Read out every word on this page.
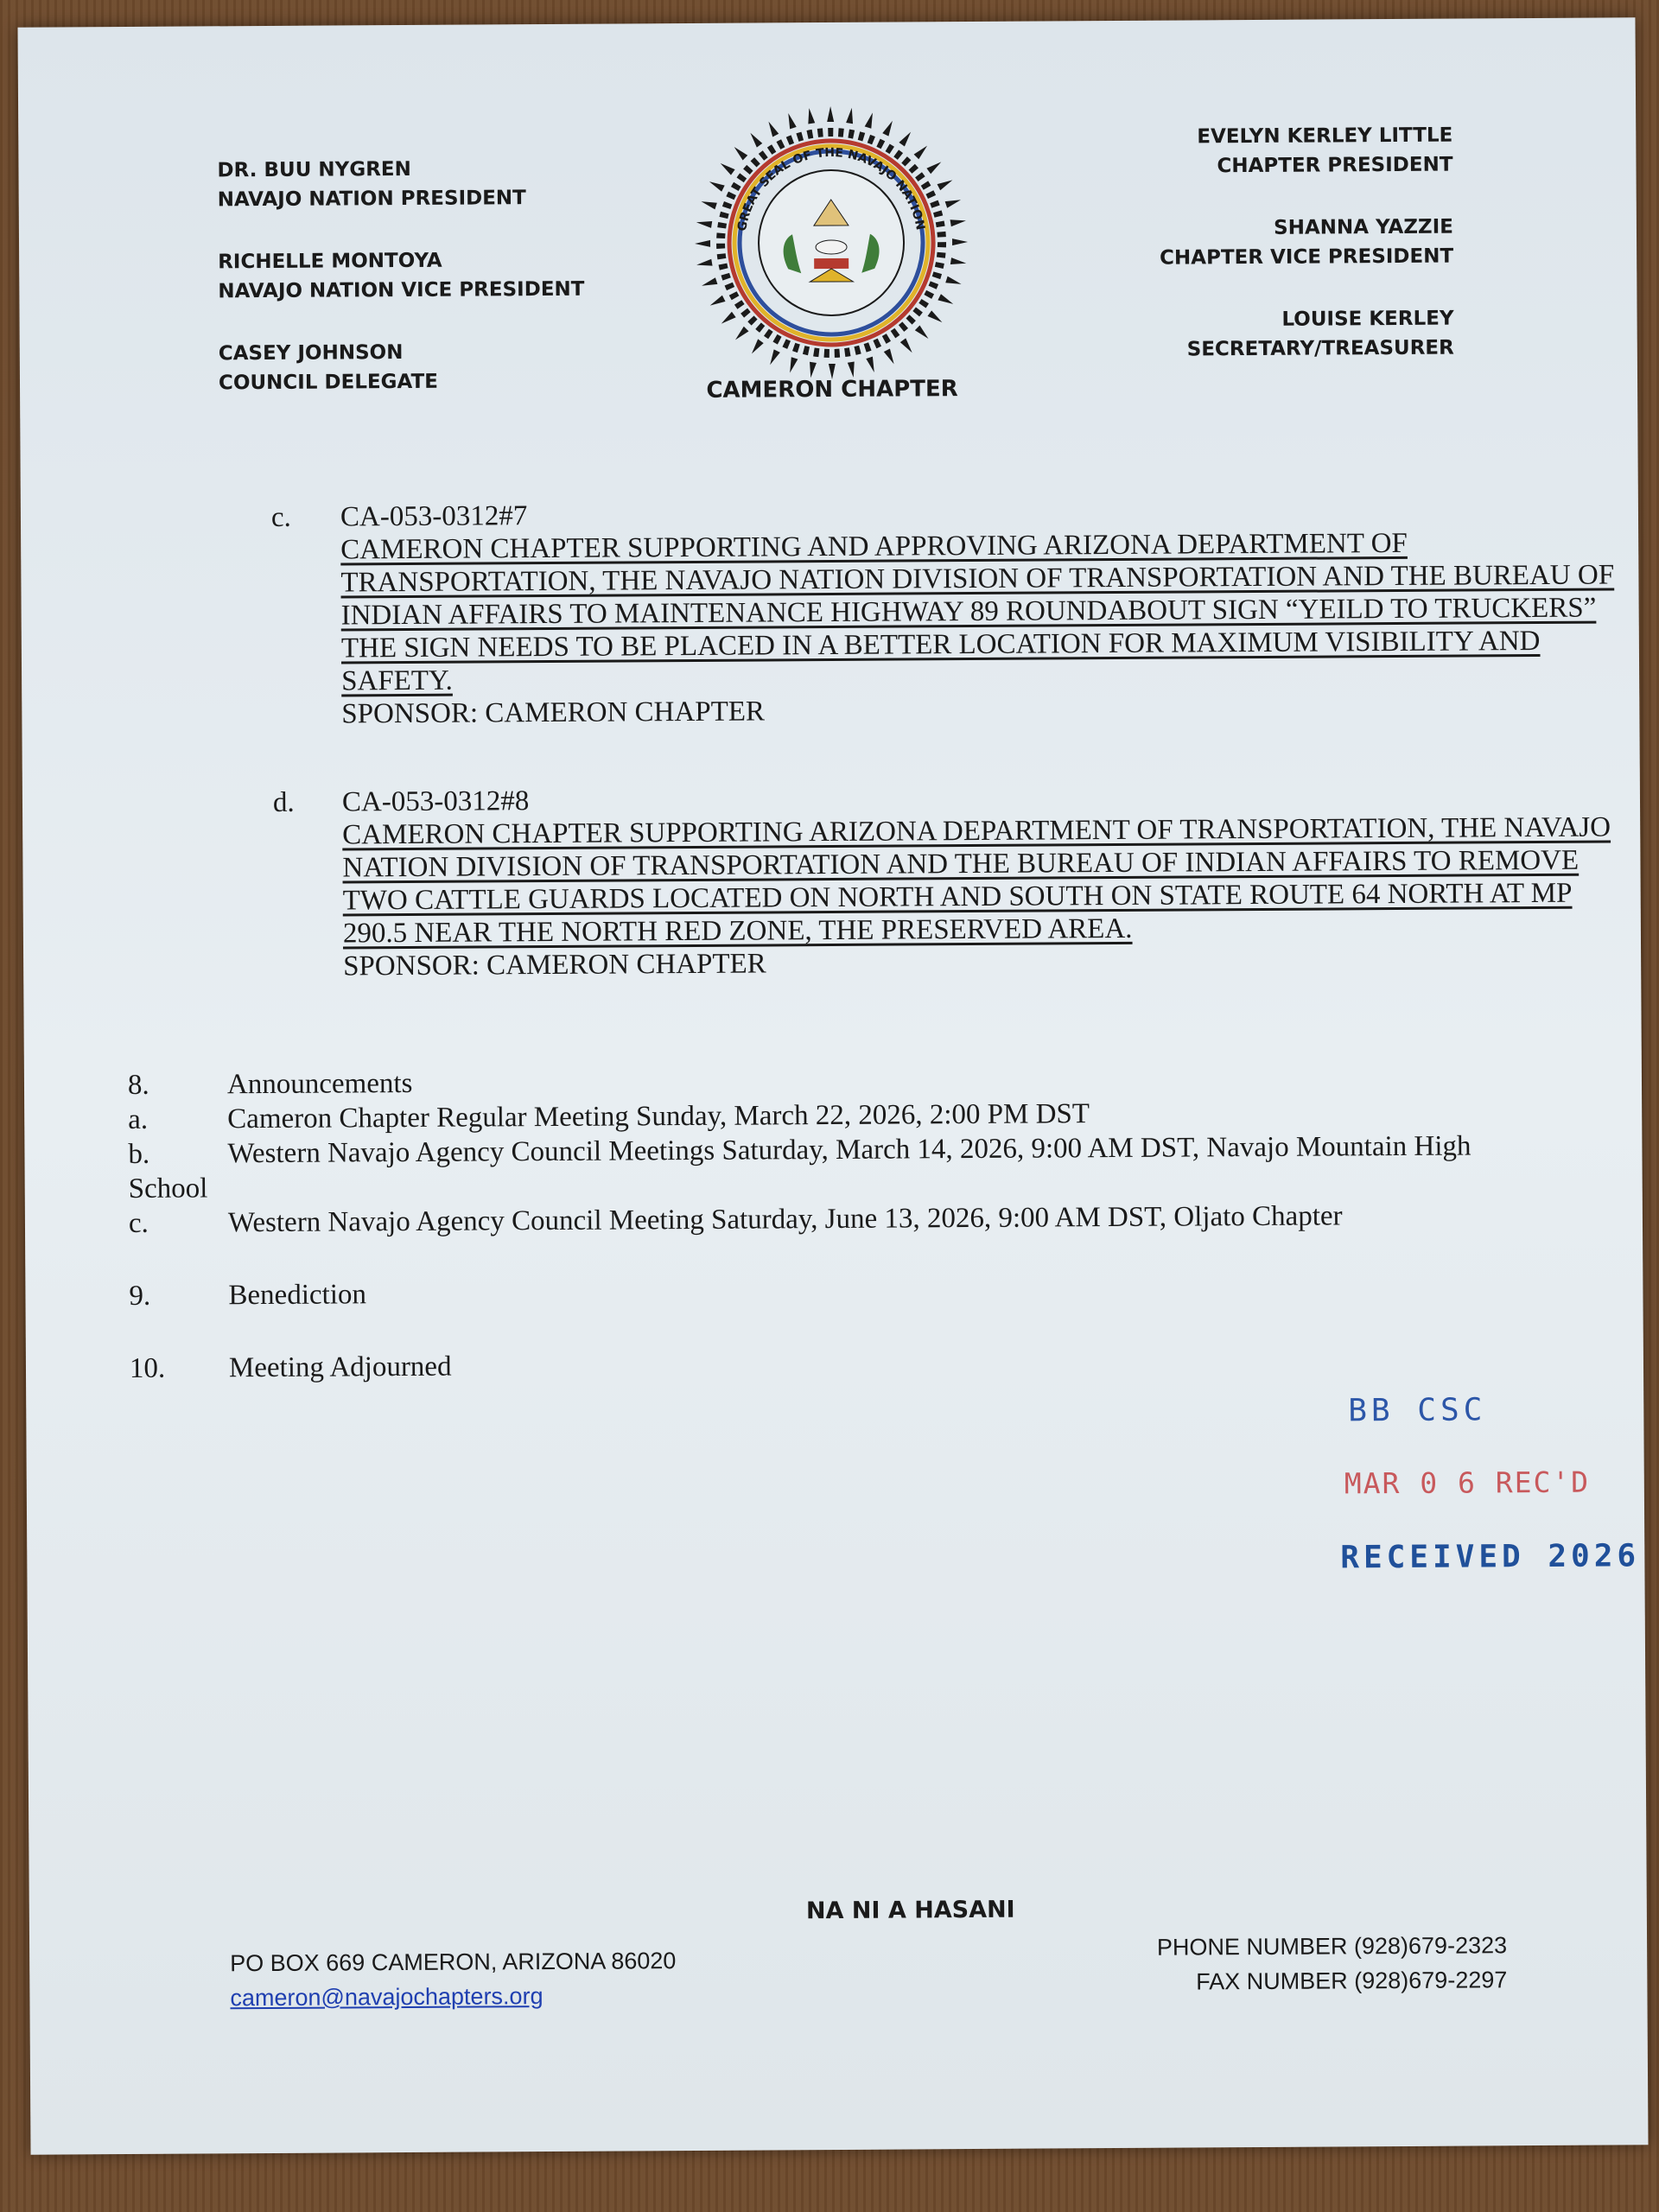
DR. BUU NYGREN
NAVAJO NATION PRESIDENT
RICHELLE MONTOYA
NAVAJO NATION VICE PRESIDENT
CASEY JOHNSON
COUNCIL DELEGATE
GREAT SEAL OF THE NAVAJO NATION
CAMERON CHAPTER
EVELYN KERLEY LITTLE
CHAPTER PRESIDENT
SHANNA YAZZIE
CHAPTER VICE PRESIDENT
LOUISE KERLEY
SECRETARY/TREASURER
c. CA-053-0312#7
CAMERON CHAPTER SUPPORTING AND APPROVING ARIZONA DEPARTMENT OF TRANSPORTATION, THE NAVAJO NATION DIVISION OF TRANSPORTATION AND THE BUREAU OF INDIAN AFFAIRS TO MAINTENANCE HIGHWAY 89 ROUNDABOUT SIGN “YEILD TO TRUCKERS” THE SIGN NEEDS TO BE PLACED IN A BETTER LOCATION FOR MAXIMUM VISIBILITY AND SAFETY.
SPONSOR: CAMERON CHAPTER
d. CA-053-0312#8
CAMERON CHAPTER SUPPORTING ARIZONA DEPARTMENT OF TRANSPORTATION, THE NAVAJO NATION DIVISION OF TRANSPORTATION AND THE BUREAU OF INDIAN AFFAIRS TO REMOVE TWO CATTLE GUARDS LOCATED ON NORTH AND SOUTH ON STATE ROUTE 64 NORTH AT MP 290.5 NEAR THE NORTH RED ZONE, THE PRESERVED AREA.
SPONSOR: CAMERON CHAPTER
8.	Announcements
a.	Cameron Chapter Regular Meeting Sunday, March 22, 2026, 2:00 PM DST
b.	Western Navajo Agency Council Meetings Saturday, March 14, 2026, 9:00 AM DST, Navajo Mountain High
School
c.	Western Navajo Agency Council Meeting Saturday, June 13, 2026, 9:00 AM DST, Oljato Chapter
9.	Benediction
10.	Meeting Adjourned
BB CSC
MAR 0 6 REC'D
RECEIVED 2026
NA NI A HASANI
PO BOX 669 CAMERON, ARIZONA 86020
cameron@navajochapters.org
PHONE NUMBER (928)679-2323
FAX NUMBER (928)679-2297
